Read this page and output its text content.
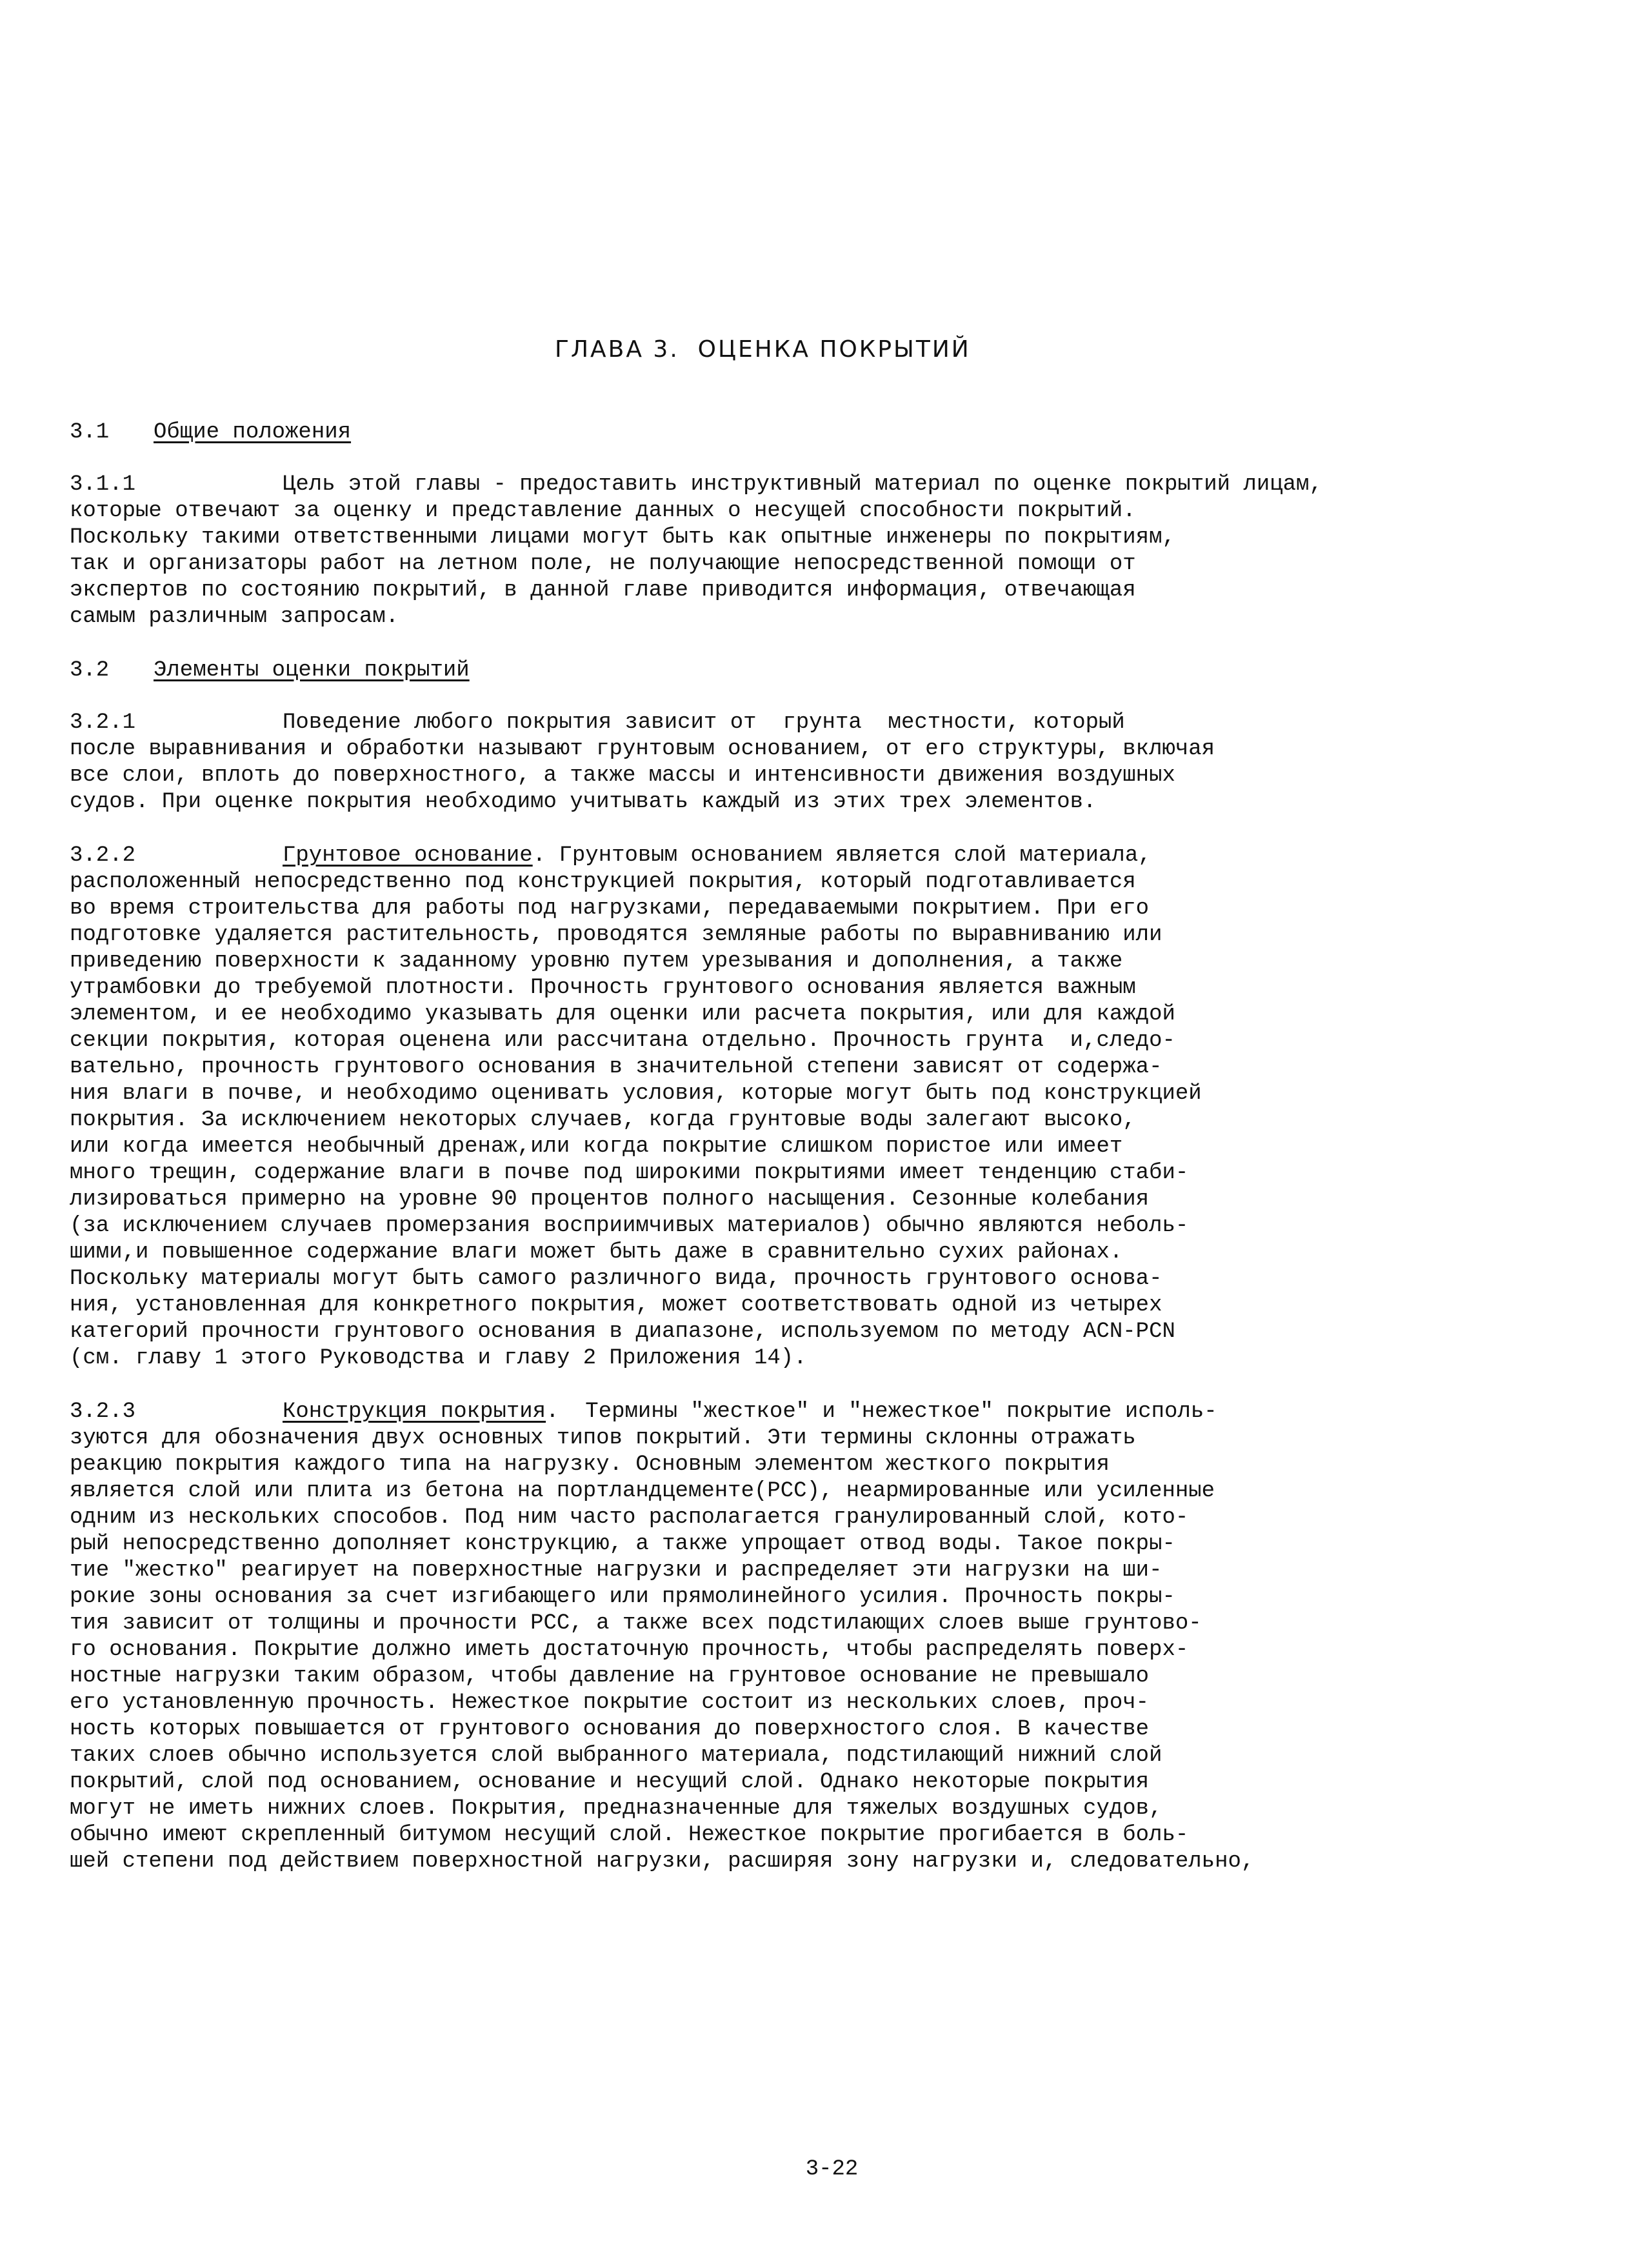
ГЛАВА 3.  ОЦЕНКА ПОКРЫТИЙ
3.1 Общие положения
3.1.1	Цель этой главы - предоставить инструктивный материал по оценке покрытий лицам,
которые отвечают за оценку и представление данных о несущей способности покрытий.
Поскольку такими ответственными лицами могут быть как опытные инженеры по покрытиям,
так и организаторы работ на летном поле, не получающие непосредственной помощи от
экспертов по состоянию покрытий, в данной главе приводится информация, отвечающая
самым различным запросам.
3.2 Элементы оценки покрытий
3.2.1	Поведение любого покрытия зависит от  грунта  местности, который
после выравнивания и обработки называют грунтовым основанием, от его структуры, включая
все слои, вплоть до поверхностного, а также массы и интенсивности движения воздушных
судов. При оценке покрытия необходимо учитывать каждый из этих трех элементов.
3.2.2	Грунтовое основание. Грунтовым основанием является слой материала,
расположенный непосредственно под конструкцией покрытия, который подготавливается
во время строительства для работы под нагрузками, передаваемыми покрытием. При его
подготовке удаляется растительность, проводятся земляные работы по выравниванию или
приведению поверхности к заданному уровню путем урезывания и дополнения, а также
утрамбовки до требуемой плотности. Прочность грунтового основания является важным
элементом, и ее необходимо указывать для оценки или расчета покрытия, или для каждой
секции покрытия, которая оценена или рассчитана отдельно. Прочность грунта  и,следо-
вательно, прочность грунтового основания в значительной степени зависят от содержа-
ния влаги в почве, и необходимо оценивать условия, которые могут быть под конструкцией
покрытия. За исключением некоторых случаев, когда грунтовые воды залегают высоко,
или когда имеется необычный дренаж,или когда покрытие слишком пористое или имеет
много трещин, содержание влаги в почве под широкими покрытиями имеет тенденцию стаби-
лизироваться примерно на уровне 90 процентов полного насыщения. Сезонные колебания
(за исключением случаев промерзания восприимчивых материалов) обычно являются неболь-
шими,и повышенное содержание влаги может быть даже в сравнительно сухих районах.
Поскольку материалы могут быть самого различного вида, прочность грунтового основа-
ния, установленная для конкретного покрытия, может соответствовать одной из четырех
категорий прочности грунтового основания в диапазоне, используемом по методу ACN-PCN
(см. главу 1 этого Руководства и главу 2 Приложения 14).
3.2.3	Конструкция покрытия.  Термины "жесткое" и "нежесткое" покрытие исполь-
зуются для обозначения двух основных типов покрытий. Эти термины склонны отражать
реакцию покрытия каждого типа на нагрузку. Основным элементом жесткого покрытия
является слой или плита из бетона на портландцементе(PCC), неармированные или усиленные
одним из нескольких способов. Под ним часто располагается гранулированный слой, кото-
рый непосредственно дополняет конструкцию, а также упрощает отвод воды. Такое покры-
тие "жестко" реагирует на поверхностные нагрузки и распределяет эти нагрузки на ши-
рокие зоны основания за счет изгибающего или прямолинейного усилия. Прочность покры-
тия зависит от толщины и прочности PCC, а также всех подстилающих слоев выше грунтово-
го основания. Покрытие должно иметь достаточную прочность, чтобы распределять поверх-
ностные нагрузки таким образом, чтобы давление на грунтовое основание не превышало
его установленную прочность. Нежесткое покрытие состоит из нескольких слоев, проч-
ность которых повышается от грунтового основания до поверхностого слоя. В качестве
таких слоев обычно используется слой выбранного материала, подстилающий нижний слой
покрытий, слой под основанием, основание и несущий слой. Однако некоторые покрытия
могут не иметь нижних слоев. Покрытия, предназначенные для тяжелых воздушных судов,
обычно имеют скрепленный битумом несущий слой. Нежесткое покрытие прогибается в боль-
шей степени под действием поверхностной нагрузки, расширяя зону нагрузки и, следовательно,
3-22
